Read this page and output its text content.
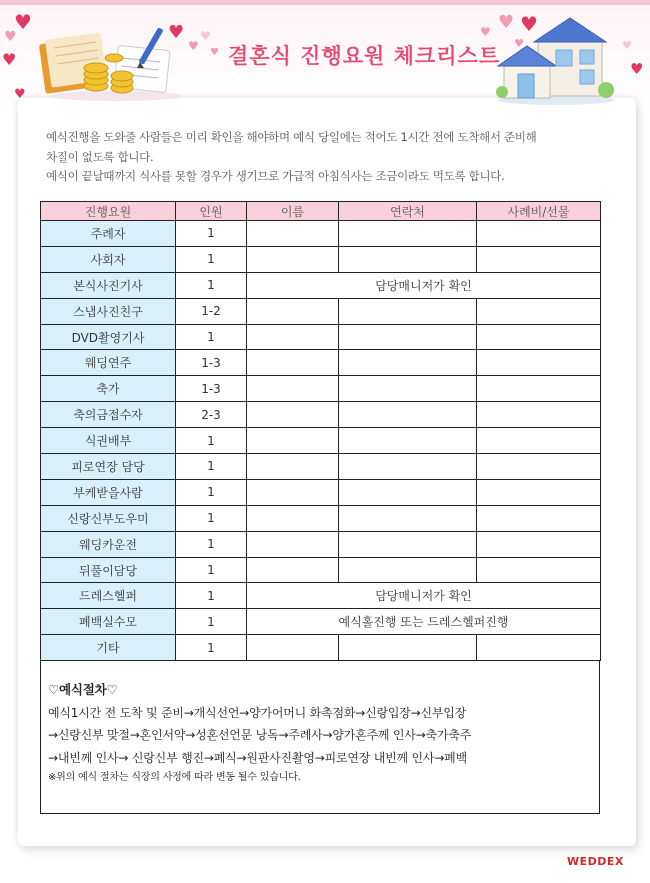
♥
♥
♥
♥
♥
♥
♥
♥
♥ ♥ ♥
♥	♥
♥
결혼식 진행요원 체크리스트

예식진행을 도와줄 사람들은 미리 확인을 해야하며 예식 당일에는 적어도 1시간 전에 도착해서 준비해

차질이 없도록 합니다.

예식이 끝날때까지 식사를 못할 경우가 생기므로 가급적 아침식사는 조금이라도 먹도록 합니다.

진행요원	인원	이름	연락처	사례비/선물
주례자	1			
사회자	1			
본식사진기사	1	담당매니저가 확인		
스냅사진친구	1-2			
DVD촬영기사	1			
웨딩연주	1-3			
축가	1-3			
축의금접수자	2-3			
식권배부	1			
피로연장 담당	1			
부케받을사람	1			
신랑신부도우미	1			
웨딩카운전	1			
뒤풀이담당	1			
드레스헬퍼	1	담당매니저가 확인		
폐백실수모	1	예식홀진행 또는 드레스헬퍼진행		
기타	1			

♡예식절차♡

예식1시간 전 도착 및 준비→개식선언→양가어머니 화촉점화→신랑입장→신부입장

→신랑신부 맞절→혼인서약→성혼선언문 낭독→주례사→양가혼주께 인사→축가축주

→내빈께 인사→ 신랑신부 행진→폐식→원판사진촬영→피로연장 내빈께 인사→폐백

※위의 예식 절차는 식장의 사정에 따라 변동 될수 있습니다.

WEDDEX
